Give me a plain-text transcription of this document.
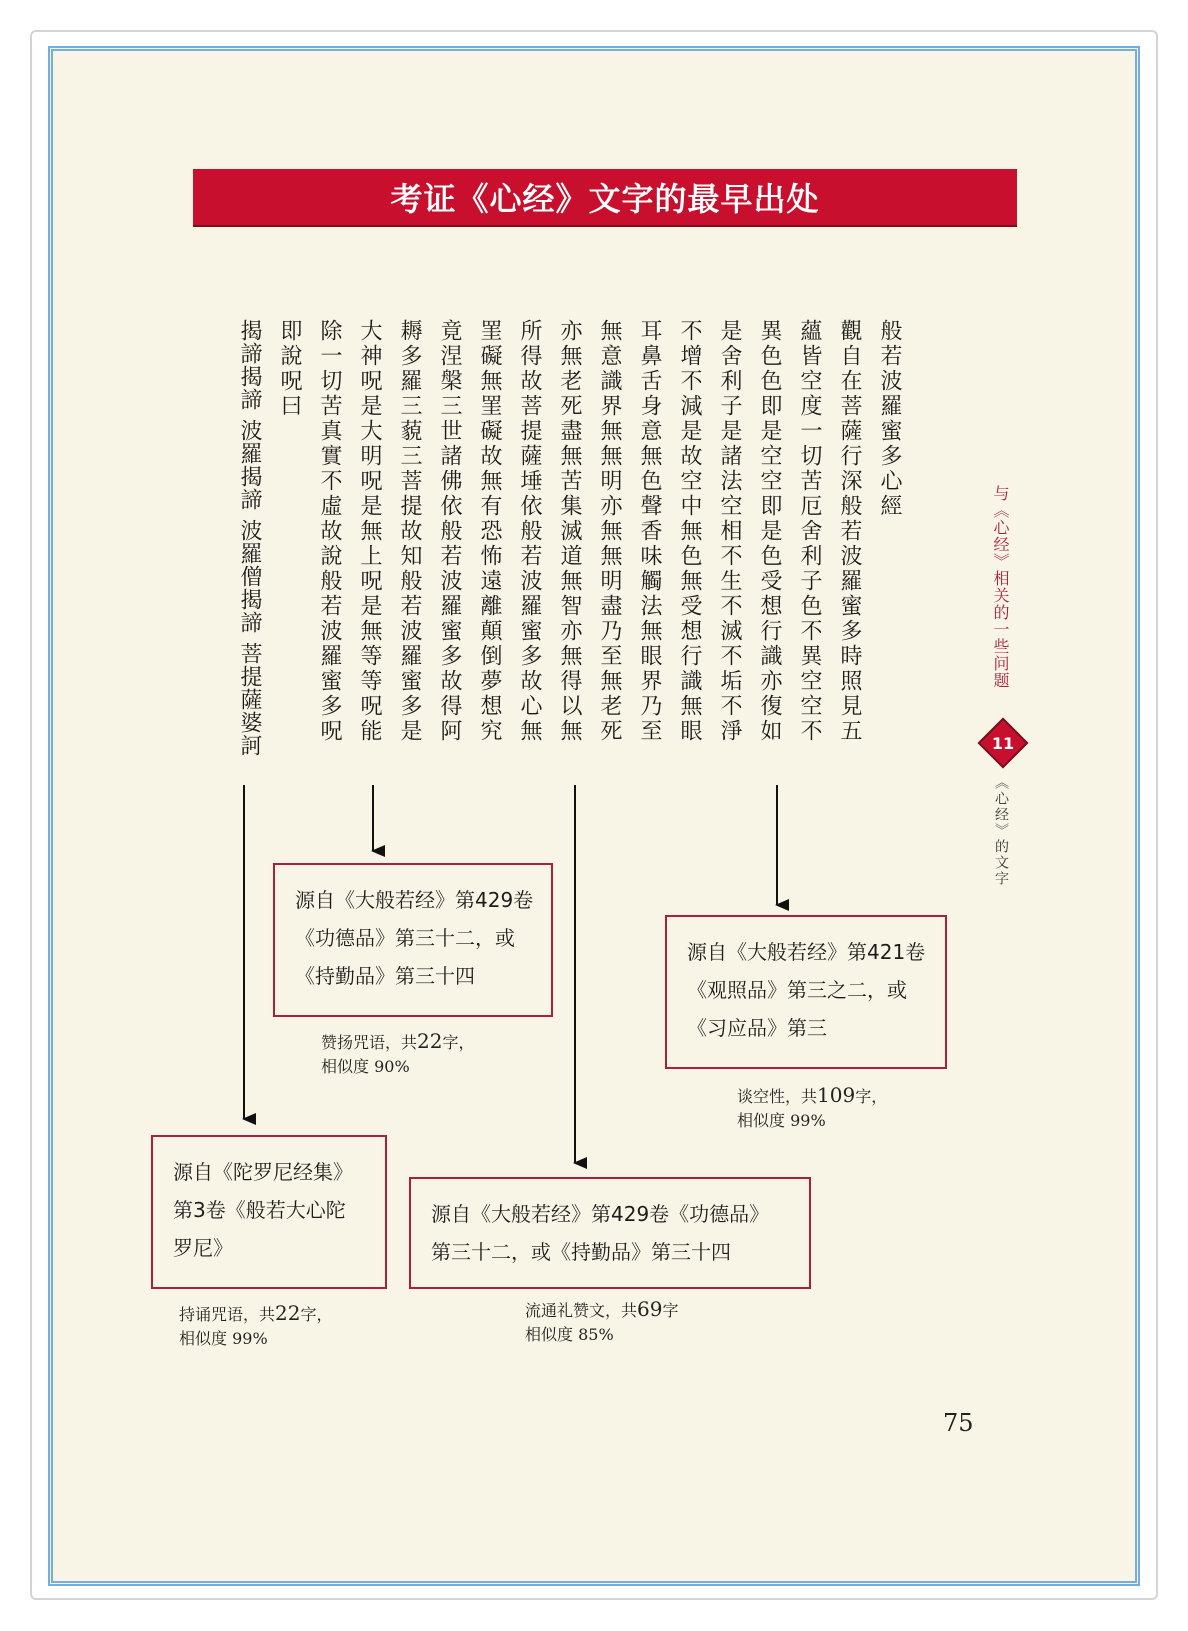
考证《心经》文字的最早出处
般若波羅蜜多心經
觀自在菩薩行深般若波羅蜜多時照見五
蘊皆空度一切苦厄舍利子色不異空空不
異色色即是空空即是色受想行識亦復如
是舍利子是諸法空相不生不滅不垢不淨
不增不減是故空中無色無受想行識無眼
耳鼻舌身意無色聲香味觸法無眼界乃至
無意識界無無明亦無無明盡乃至無老死
亦無老死盡無苦集滅道無智亦無得以無
所得故菩提薩埵依般若波羅蜜多故心無
罣礙無罣礙故無有恐怖遠離顛倒夢想究
竟涅槃三世諸佛依般若波羅蜜多故得阿
耨多羅三藐三菩提故知般若波羅蜜多是
大神呪是大明呪是無上呪是無等等呪能
除一切苦真實不虛故說般若波羅蜜多呪
即說呪曰
揭諦揭諦 波羅揭諦 波羅僧揭諦 菩提薩婆訶	与《心经》相关的一些问题
11
《心经》的文字
源自《大般若经》第429卷
《功德品》第三十二，或
《持勤品》第三十四
赞扬咒语，共22字，
相似度 90%
源自《大般若经》第421卷
《观照品》第三之二，或
《习应品》第三
谈空性，共109字，
相似度 99%
源自《陀罗尼经集》
第3卷《般若大心陀
罗尼》
持诵咒语，共22字，
相似度 99%
源自《大般若经》第429卷《功德品》
第三十二，或《持勤品》第三十四
流通礼赞文，共69字
相似度 85%
75
